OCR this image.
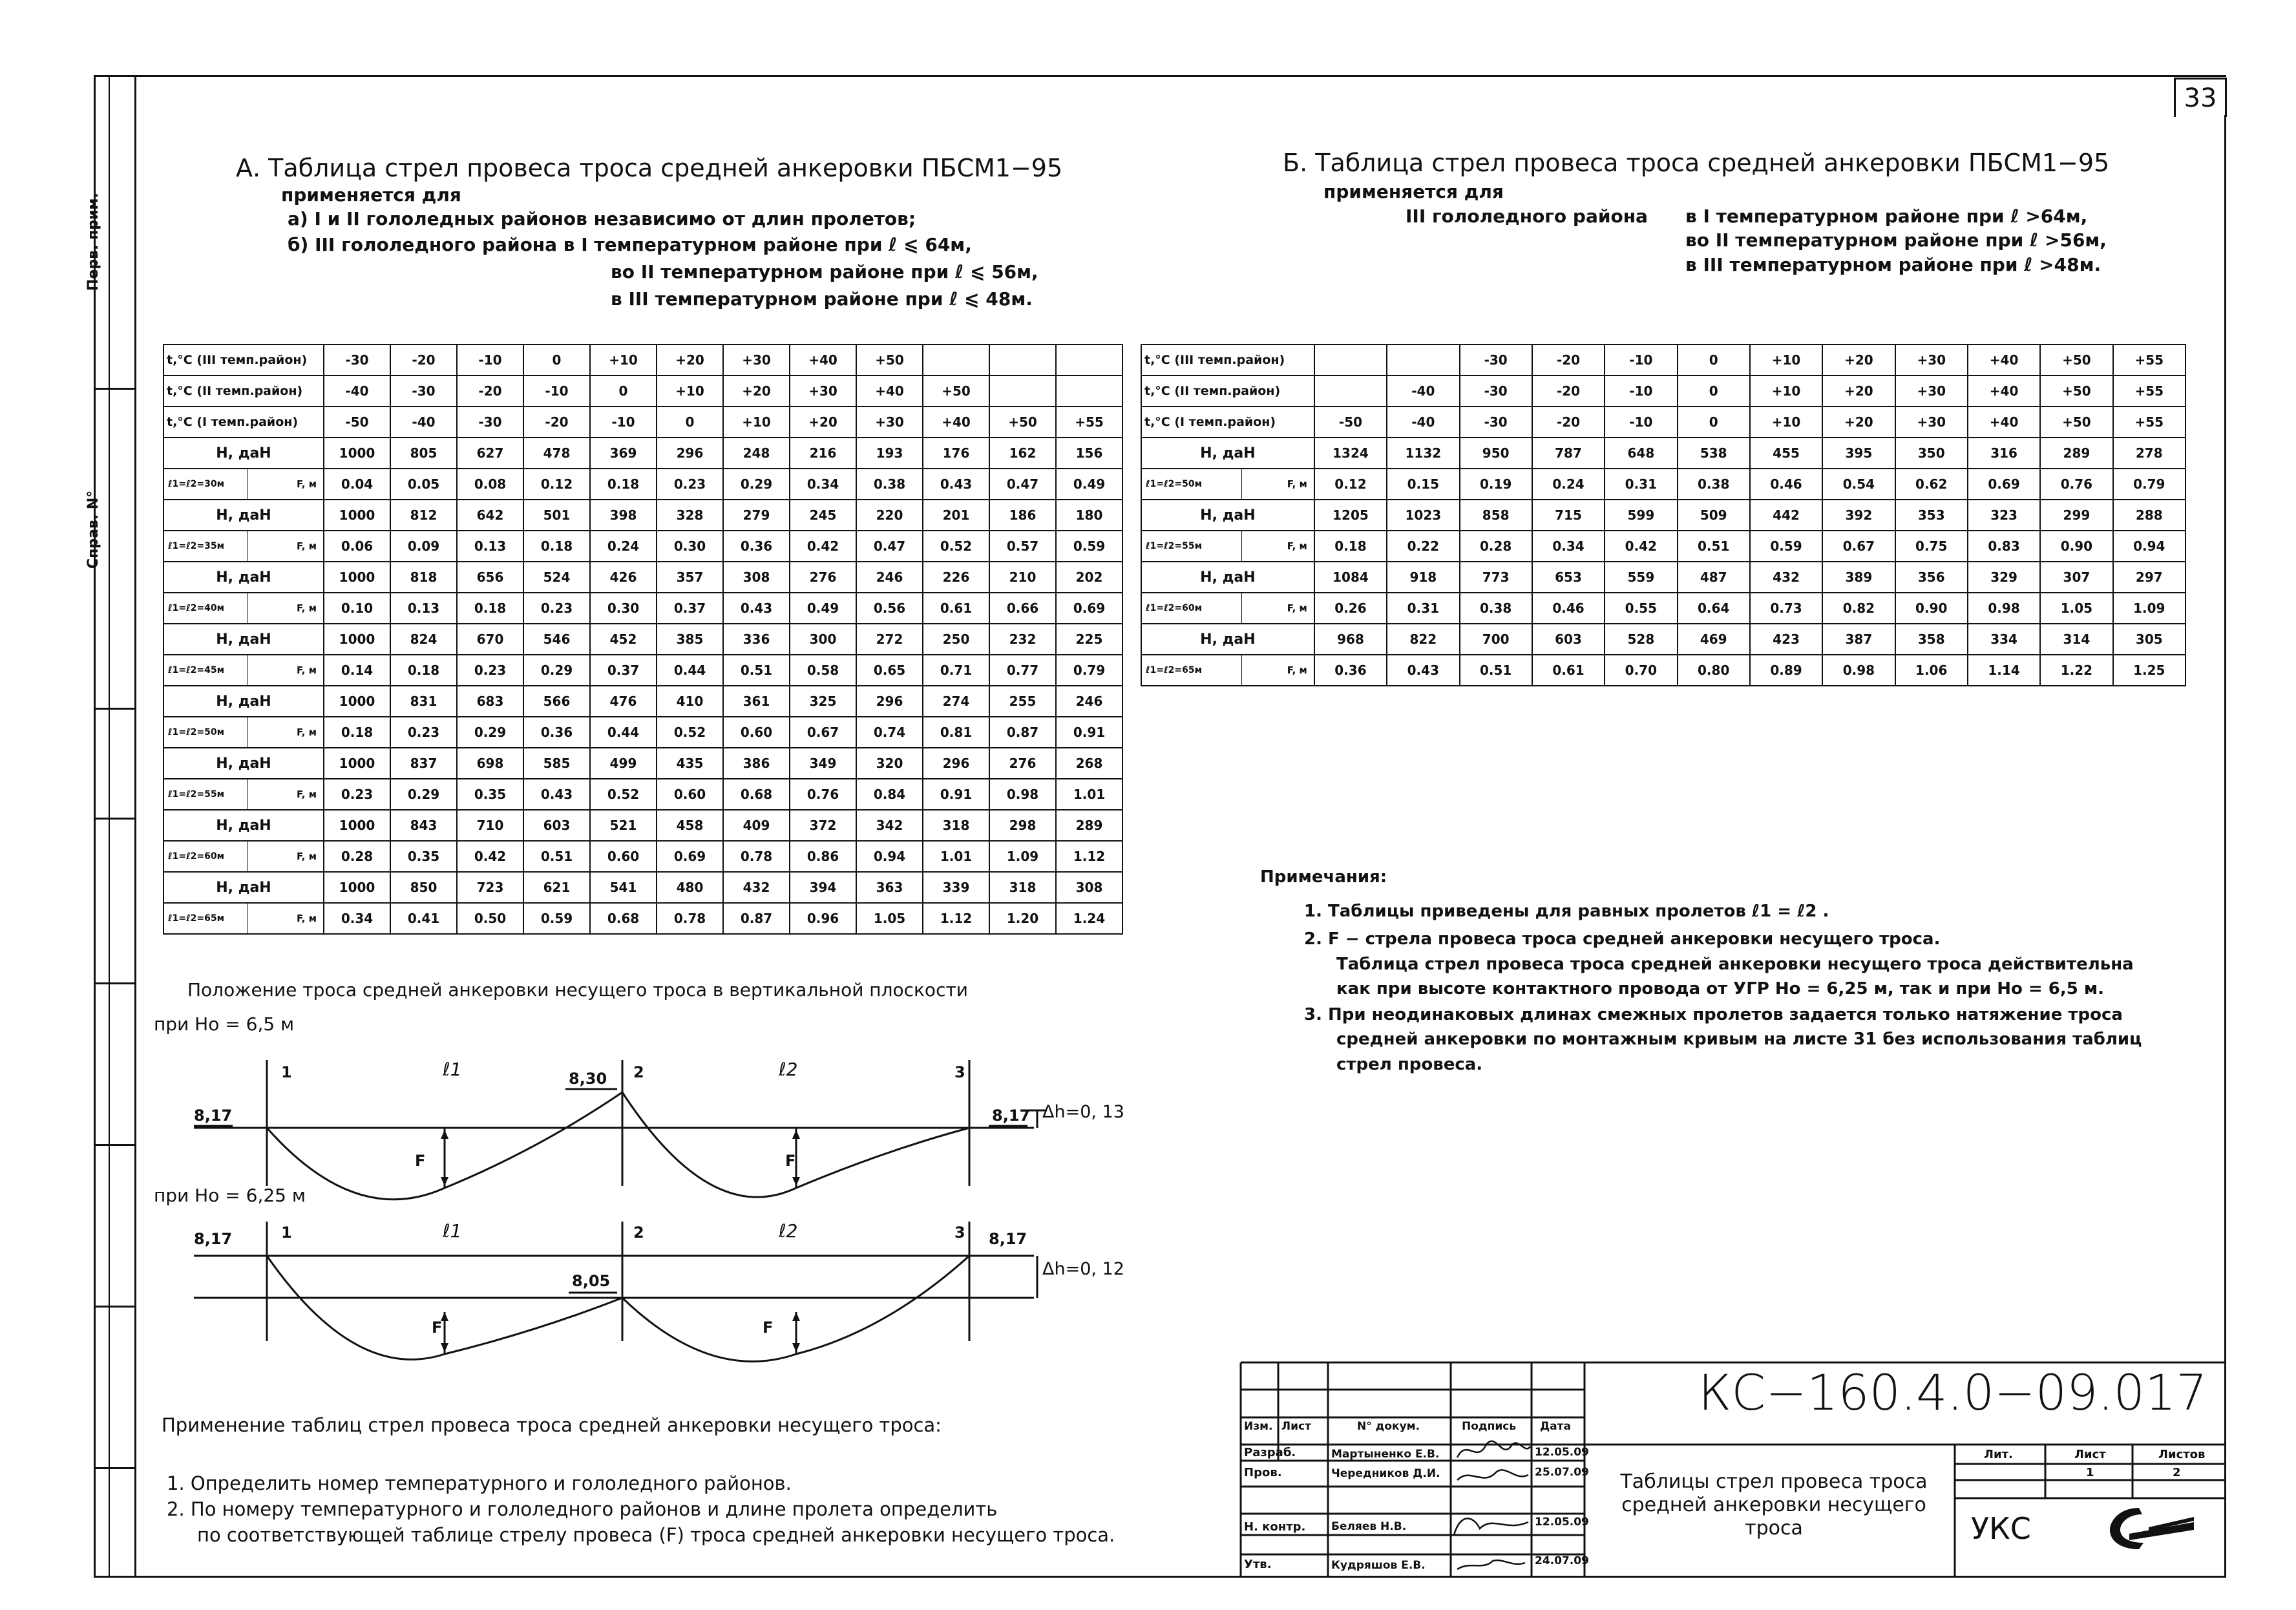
33
Перв. прим.
Справ. N°
А. Таблица стрел провеса троса средней анкеровки ПБСМ1−95
применяется для
а) I и II гололедных районов независимо от длин пролетов;
б) III гололедного района в I температурном районе при ℓ ⩽ 64м,
во II температурном районе при ℓ ⩽ 56м,
в III температурном районе при ℓ ⩽ 48м.
Б. Таблица стрел провеса троса средней анкеровки ПБСМ1−95
применяется для
III гололедного района в I температурном районе при ℓ >64м,
во II температурном районе при ℓ >56м,
в III температурном районе при ℓ >48м.
t,°C (III темп.район)		-30	-20	-10	0	+10	+20	+30	+40	+50			
t,°C (II темп.район)		-40	-30	-20	-10	0	+10	+20	+30	+40	+50		
t,°C (I темп.район)		-50	-40	-30	-20	-10	0	+10	+20	+30	+40	+50	+55
Н, даН		1000	805	627	478	369	296	248	216	193	176	162	156
ℓ1=ℓ2=30м	F, м	0.04	0.05	0.08	0.12	0.18	0.23	0.29	0.34	0.38	0.43	0.47	0.49
Н, даН		1000	812	642	501	398	328	279	245	220	201	186	180
ℓ1=ℓ2=35м	F, м	0.06	0.09	0.13	0.18	0.24	0.30	0.36	0.42	0.47	0.52	0.57	0.59
Н, даН		1000	818	656	524	426	357	308	276	246	226	210	202
ℓ1=ℓ2=40м	F, м	0.10	0.13	0.18	0.23	0.30	0.37	0.43	0.49	0.56	0.61	0.66	0.69
Н, даН		1000	824	670	546	452	385	336	300	272	250	232	225
ℓ1=ℓ2=45м	F, м	0.14	0.18	0.23	0.29	0.37	0.44	0.51	0.58	0.65	0.71	0.77	0.79
Н, даН		1000	831	683	566	476	410	361	325	296	274	255	246
ℓ1=ℓ2=50м	F, м	0.18	0.23	0.29	0.36	0.44	0.52	0.60	0.67	0.74	0.81	0.87	0.91
Н, даН		1000	837	698	585	499	435	386	349	320	296	276	268
ℓ1=ℓ2=55м	F, м	0.23	0.29	0.35	0.43	0.52	0.60	0.68	0.76	0.84	0.91	0.98	1.01
Н, даН		1000	843	710	603	521	458	409	372	342	318	298	289
ℓ1=ℓ2=60м	F, м	0.28	0.35	0.42	0.51	0.60	0.69	0.78	0.86	0.94	1.01	1.09	1.12
Н, даН		1000	850	723	621	541	480	432	394	363	339	318	308
ℓ1=ℓ2=65м	F, м	0.34	0.41	0.50	0.59	0.68	0.78	0.87	0.96	1.05	1.12	1.20	1.24
t,°C (III темп.район)				-30	-20	-10	0	+10	+20	+30	+40	+50	+55
t,°C (II темп.район)			-40	-30	-20	-10	0	+10	+20	+30	+40	+50	+55
t,°C (I темп.район)		-50	-40	-30	-20	-10	0	+10	+20	+30	+40	+50	+55
Н, даН		1324	1132	950	787	648	538	455	395	350	316	289	278
ℓ1=ℓ2=50м	F, м	0.12	0.15	0.19	0.24	0.31	0.38	0.46	0.54	0.62	0.69	0.76	0.79
Н, даН		1205	1023	858	715	599	509	442	392	353	323	299	288
ℓ1=ℓ2=55м	F, м	0.18	0.22	0.28	0.34	0.42	0.51	0.59	0.67	0.75	0.83	0.90	0.94
Н, даН		1084	918	773	653	559	487	432	389	356	329	307	297
ℓ1=ℓ2=60м	F, м	0.26	0.31	0.38	0.46	0.55	0.64	0.73	0.82	0.90	0.98	1.05	1.09
Н, даН		968	822	700	603	528	469	423	387	358	334	314	305
ℓ1=ℓ2=65м	F, м	0.36	0.43	0.51	0.61	0.70	0.80	0.89	0.98	1.06	1.14	1.22	1.25
Положение троса средней анкеровки несущего троса в вертикальной плоскости
при Но = 6,5 м
при Но = 6,25 м
1	2	3
ℓ1	ℓ2
8,17
8,30
8,17 Δh=0, 13
F	F
1	2	3
ℓ1	ℓ2
8,17
8,05
8,17
Δh=0, 12
F	F
Применение таблиц стрел провеса троса средней анкеровки несущего троса:
1. Определить номер температурного и гололедного районов.
2. По номеру температурного и гололедного районов и длине пролета определить
по соответствующей таблице стрелу провеса (F) троса средней анкеровки несущего троса.
Примечания:
1. Таблицы приведены для равных пролетов ℓ1 = ℓ2 .
2. F − стрела провеса троса средней анкеровки несущего троса.
Таблица стрел провеса троса средней анкеровки несущего троса действительна
как при высоте контактного провода от УГР Но = 6,25 м, так и при Но = 6,5 м.
3. При неодинаковых длинах смежных пролетов задается только натяжение троса
средней анкеровки по монтажным кривым на листе 31 без использования таблиц
стрел провеса.
КС−160.4.0−09.017
Изм. Лист	N° докум.	Подпись Дата
Разраб.	Мартыненко Е.В.	12.05.09
Пров.	Чередников Д.И.	25.07.09
Н. контр. Беляев Н.В.	12.05.09
Утв.	Кудряшов Е.В.	24.07.09
Таблицы стрел провеса троса средней анкеровки несущего троса
Лит.	Лист	Листов
1	2
УКС
